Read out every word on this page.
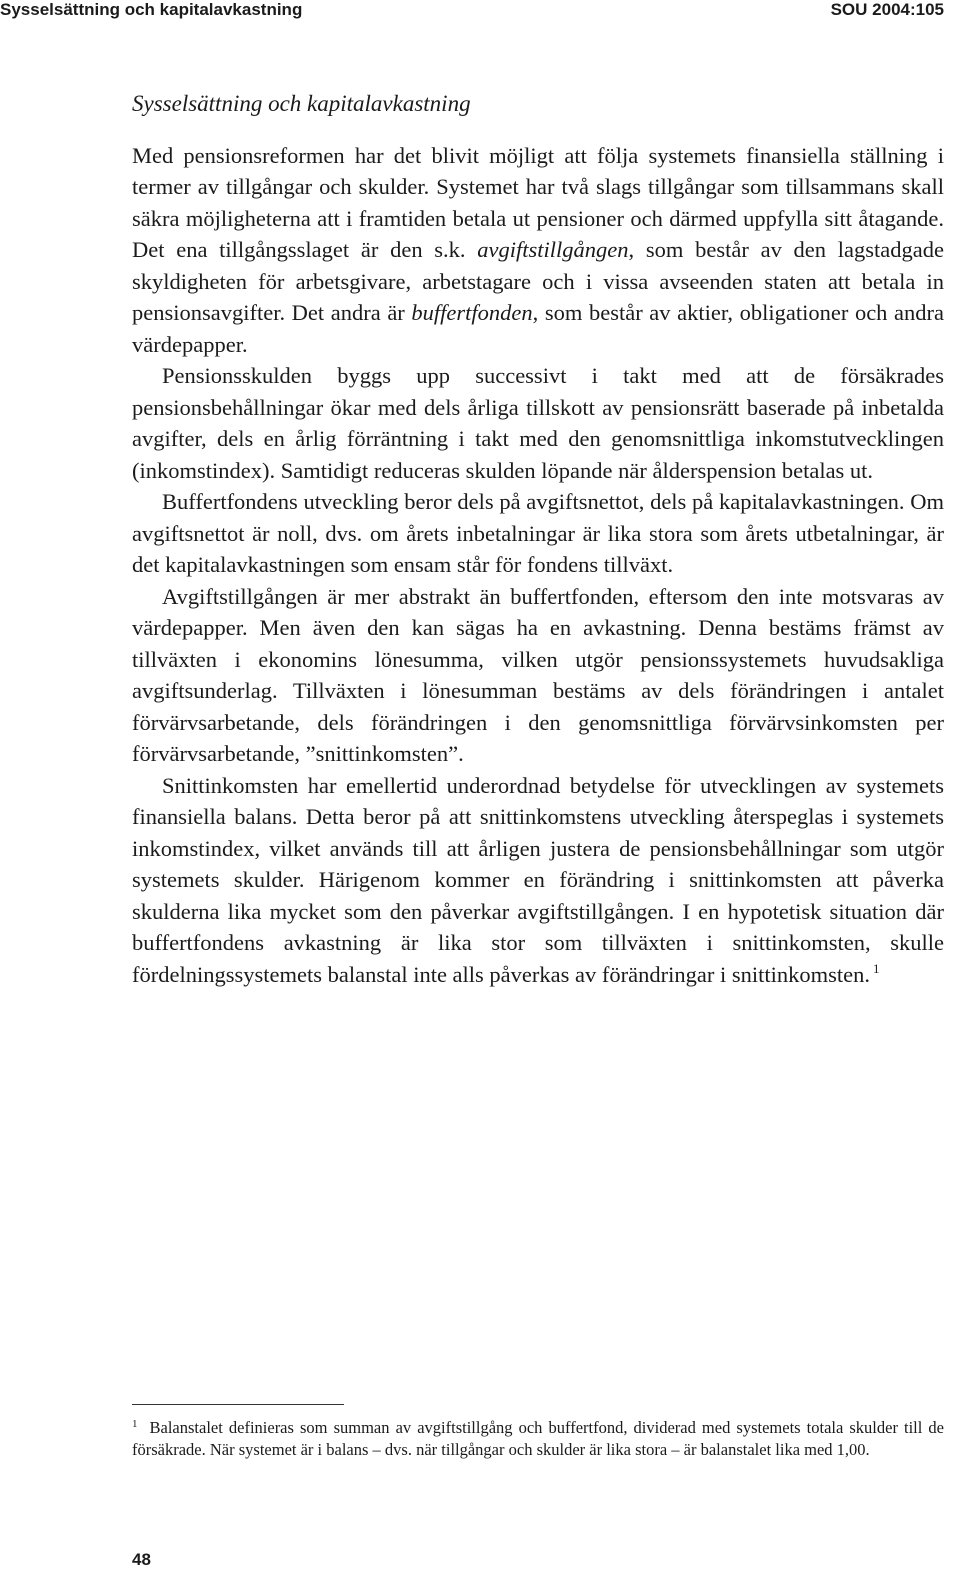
Sysselsättning och kapitalavkastning	SOU 2004:105
Sysselsättning och kapitalavkastning

Med pensionsreformen har det blivit möjligt att följa systemets finansiella ställning i termer av tillgångar och skulder. Systemet har två slags tillgångar som tillsammans skall säkra möjligheterna att i framtiden betala ut pensioner och därmed uppfylla sitt åtagande. Det ena tillgångsslaget är den s.k. avgiftstillgången, som består av den lagstadgade skyldigheten för arbetsgivare, arbetstagare och i vissa avseenden staten att betala in pensionsavgifter. Det andra är buffertfonden, som består av aktier, obligationer och andra värdepapper.

Pensionsskulden byggs upp successivt i takt med att de försäkrades pensionsbehållningar ökar med dels årliga tillskott av pensionsrätt baserade på inbetalda avgifter, dels en årlig förräntning i takt med den genomsnittliga inkomstutvecklingen (inkomstindex). Samtidigt reduceras skulden löpande när ålderspension betalas ut.

Buffertfondens utveckling beror dels på avgiftsnettot, dels på kapitalavkastningen. Om avgiftsnettot är noll, dvs. om årets inbetalningar är lika stora som årets utbetalningar, är det kapitalavkastningen som ensam står för fondens tillväxt.

Avgiftstillgången är mer abstrakt än buffertfonden, eftersom den inte motsvaras av värdepapper. Men även den kan sägas ha en avkastning. Denna bestäms främst av tillväxten i ekonomins lönesumma, vilken utgör pensionssystemets huvudsakliga avgiftsunderlag. Tillväxten i lönesumman bestäms av dels förändringen i antalet förvärvsarbetande, dels förändringen i den genomsnittliga förvärvsinkomsten per förvärvsarbetande, ”snittinkomsten”.

Snittinkomsten har emellertid underordnad betydelse för utvecklingen av systemets finansiella balans. Detta beror på att snittinkomstens utveckling återspeglas i systemets inkomstindex, vilket används till att årligen justera de pensionsbehållningar som utgör systemets skulder. Härigenom kommer en förändring i snittinkomsten att påverka skulderna lika mycket som den påverkar avgiftstillgången. I en hypotetisk situation där buffertfondens avkastning är lika stor som tillväxten i snittinkomsten, skulle fördelningssystemets balanstal inte alls påverkas av förändringar i snittinkomsten. $^1$

$^1$ Balanstalet definieras som summan av avgiftstillgång och buffertfond, dividerad med systemets totala skulder till de försäkrade. När systemet är i balans – dvs. när tillgångar och skulder är lika stora – är balanstalet lika med 1,00.
48
